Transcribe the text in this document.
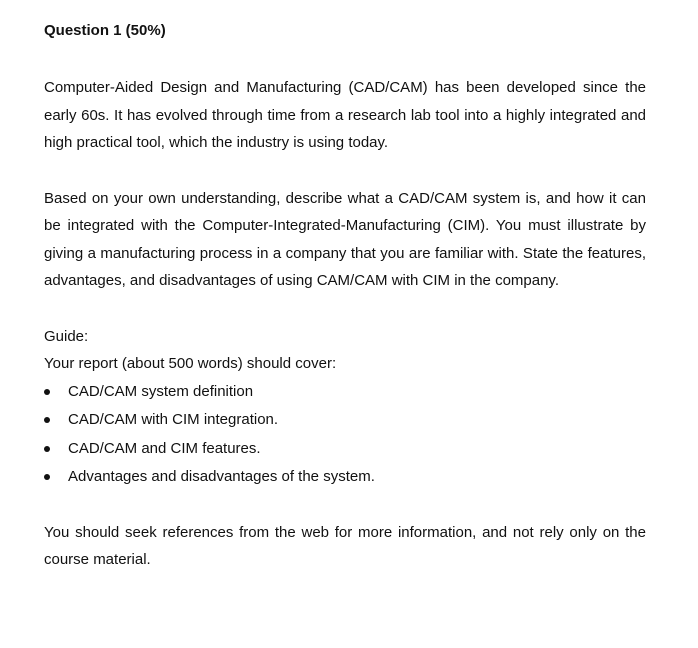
Question 1 (50%)

Computer-Aided Design and Manufacturing (CAD/CAM) has been developed since the early 60s. It has evolved through time from a research lab tool into a highly integrated and high practical tool, which the industry is using today.

Based on your own understanding, describe what a CAD/CAM system is, and how it can be integrated with the Computer-Integrated-Manufacturing (CIM). You must illustrate by giving a manufacturing process in a company that you are familiar with. State the features, advantages, and disadvantages of using CAM/CAM with CIM in the company.

Guide:

Your report (about 500 words) should cover:

CAD/CAM system definition
CAD/CAM with CIM integration.
CAD/CAM and CIM features.
Advantages and disadvantages of the system.

You should seek references from the web for more information, and not rely only on the course material.
